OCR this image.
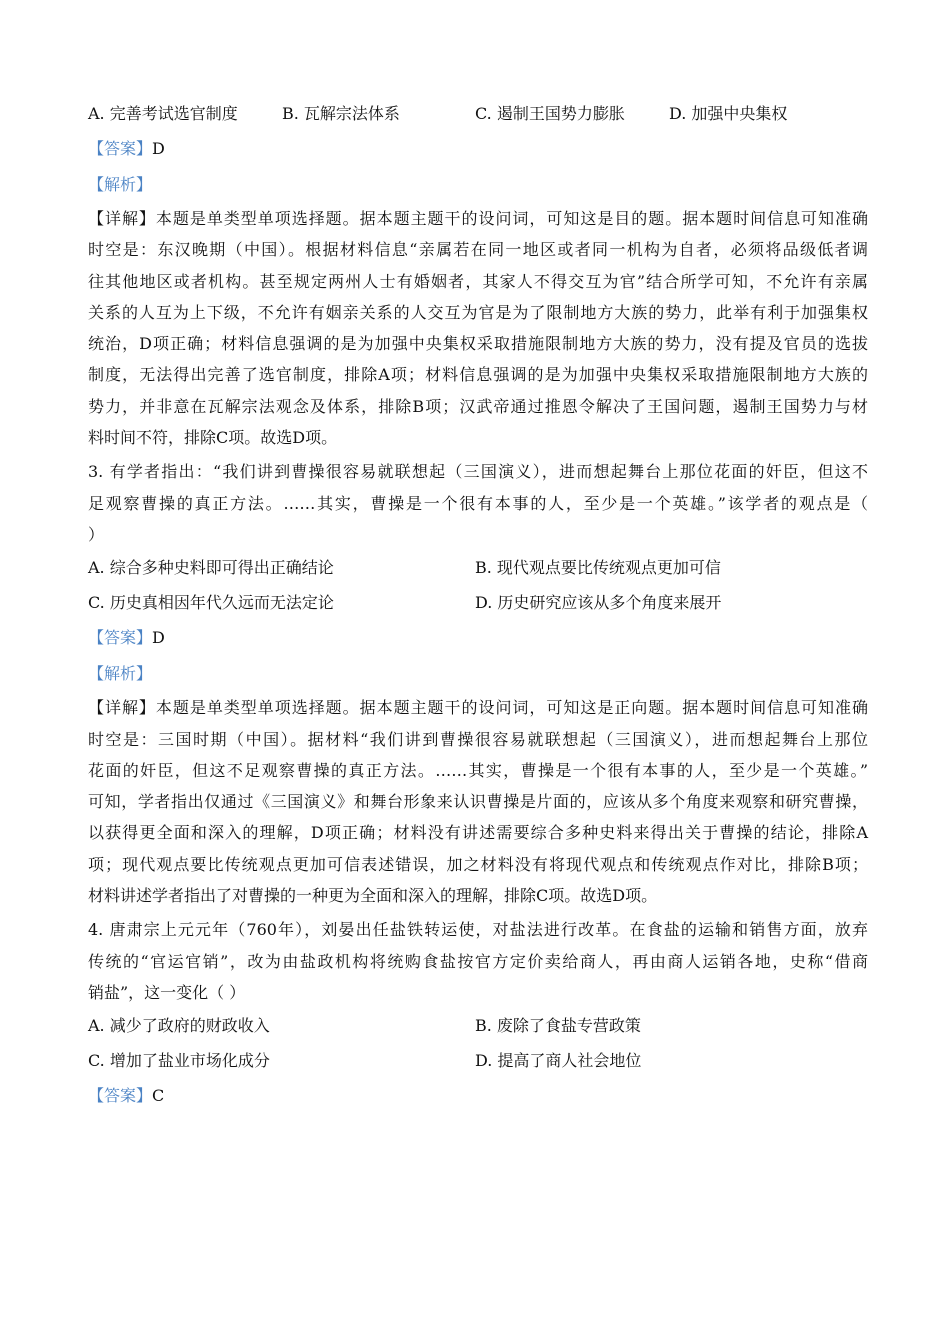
A. 完善考试选官制度	B. 瓦解宗法体系	C. 遏制王国势力膨胀	D. 加强中央集权
【答案】D
【解析】
【详解】本题是单类型单项选择题。据本题主题干的设问词，可知这是目的题。据本题时间信息可知准确
时空是：东汉晚期（中国）。根据材料信息“亲属若在同一地区或者同一机构为自者，必须将品级低者调
往其他地区或者机构。甚至规定两州人士有婚姻者，其家人不得交互为官”结合所学可知，不允许有亲属
关系的人互为上下级，不允许有姻亲关系的人交互为官是为了限制地方大族的势力，此举有利于加强集权
统治，D项正确；材料信息强调的是为加强中央集权采取措施限制地方大族的势力，没有提及官员的选拔
制度，无法得出完善了选官制度，排除A项；材料信息强调的是为加强中央集权采取措施限制地方大族的
势力，并非意在瓦解宗法观念及体系，排除B项；汉武帝通过推恩令解决了王国问题，遏制王国势力与材
料时间不符，排除C项。故选D项。
3. 有学者指出：“我们讲到曹操很容易就联想起（三国演义），进而想起舞台上那位花面的奸臣，但这不
足观察曹操的真正方法。……其实，曹操是一个很有本事的人，至少是一个英雄。”该学者的观点是（
）
A. 综合多种史料即可得出正确结论	B. 现代观点要比传统观点更加可信
C. 历史真相因年代久远而无法定论	D. 历史研究应该从多个角度来展开
【答案】D
【解析】
【详解】本题是单类型单项选择题。据本题主题干的设问词，可知这是正向题。据本题时间信息可知准确
时空是：三国时期（中国）。据材料“我们讲到曹操很容易就联想起（三国演义），进而想起舞台上那位
花面的奸臣，但这不足观察曹操的真正方法。……其实，曹操是一个很有本事的人，至少是一个英雄。”
可知，学者指出仅通过《三国演义》和舞台形象来认识曹操是片面的，应该从多个角度来观察和研究曹操，
以获得更全面和深入的理解，D项正确；材料没有讲述需要综合多种史料来得出关于曹操的结论，排除A
项；现代观点要比传统观点更加可信表述错误，加之材料没有将现代观点和传统观点作对比，排除B项；
材料讲述学者指出了对曹操的一种更为全面和深入的理解，排除C项。故选D项。
4. 唐肃宗上元元年（760年），刘晏出任盐铁转运使，对盐法进行改革。在食盐的运输和销售方面，放弃
传统的“官运官销”，改为由盐政机构将统购食盐按官方定价卖给商人，再由商人运销各地，史称“借商
销盐”，这一变化（ ）
A. 减少了政府的财政收入	B. 废除了食盐专营政策
C. 增加了盐业市场化成分	D. 提高了商人社会地位
【答案】C
